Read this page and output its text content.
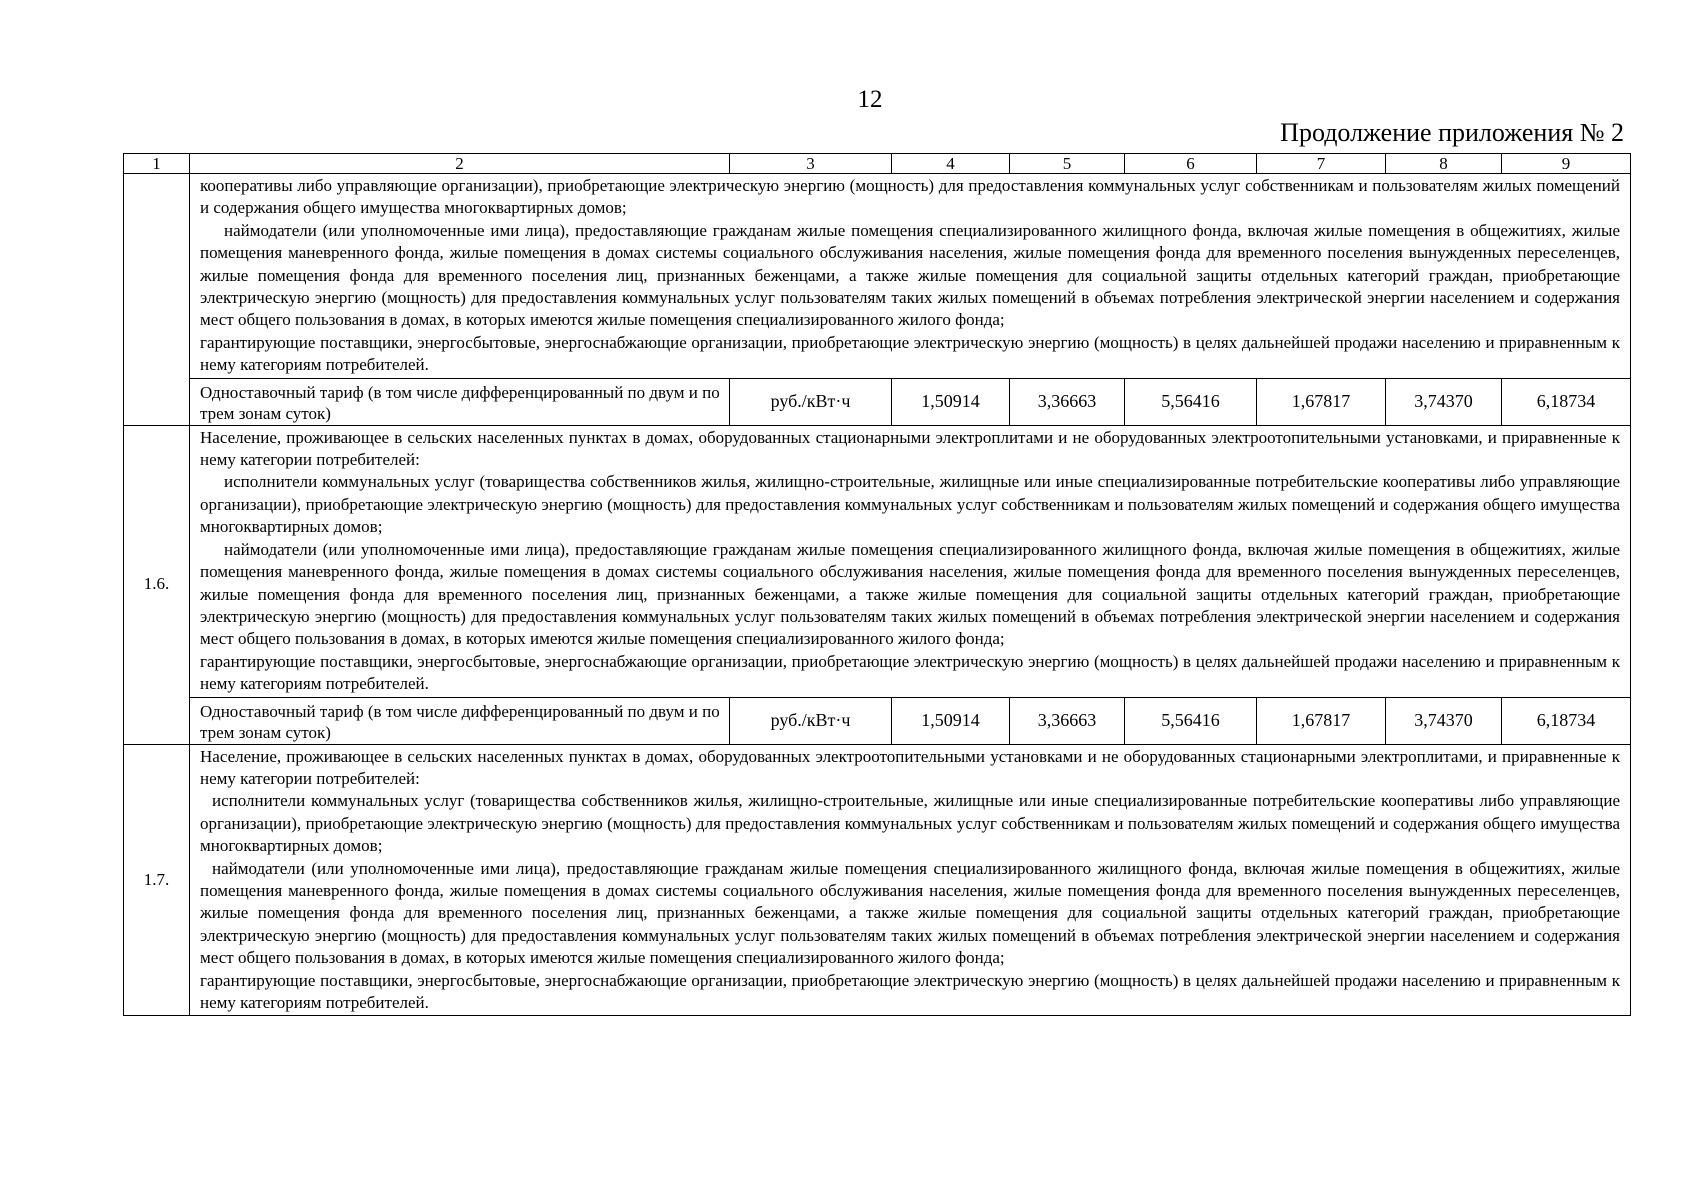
12
Продолжение приложения № 2
1	2	3	4	5	6	7	8	9

	кооперативы либо управляющие организации), приобретающие электрическую энергию (мощность) для предоставления коммунальных услуг собственникам и пользователям жилых помещений и содержания общего имущества многоквартирных домов;

наймодатели (или уполномоченные ими лица), предоставляющие гражданам жилые помещения специализированного жилищного фонда, включая жилые помещения в общежитиях, жилые помещения маневренного фонда, жилые помещения в домах системы социального обслуживания населения, жилые помещения фонда для временного поселения вынужденных переселенцев, жилые помещения фонда для временного поселения лиц, признанных беженцами, а также жилые помещения для социальной защиты отдельных категорий граждан, приобретающие электрическую энергию (мощность) для предоставления коммунальных услуг пользователям таких жилых помещений в объемах потребления электрической энергии населением и содержания мест общего пользования в домах, в которых имеются жилые помещения специализированного жилого фонда;

гарантирующие поставщики, энергосбытовые, энергоснабжающие организации, приобретающие электрическую энергию (мощность) в целях дальнейшей продажи населению и приравненным к нему категориям потребителей.							

	Одноставочный тариф (в том числе дифференцированный по двум и по трем зонам суток)	руб./кВт·ч	1,50914	3,36663	5,56416	1,67817	3,74370	6,18734
1.6.	Население, проживающее в сельских населенных пунктах в домах, оборудованных стационарными электроплитами и не оборудованных электроотопительными установками, и приравненные к нему категории потребителей:

исполнители коммунальных услуг (товарищества собственников жилья, жилищно-строительные, жилищные или иные специализированные потребительские кооперативы либо управляющие организации), приобретающие электрическую энергию (мощность) для предоставления коммунальных услуг собственникам и пользователям жилых помещений и содержания общего имущества многоквартирных домов;

наймодатели (или уполномоченные ими лица), предоставляющие гражданам жилые помещения специализированного жилищного фонда, включая жилые помещения в общежитиях, жилые помещения маневренного фонда, жилые помещения в домах системы социального обслуживания населения, жилые помещения фонда для временного поселения вынужденных переселенцев, жилые помещения фонда для временного поселения лиц, признанных беженцами, а также жилые помещения для социальной защиты отдельных категорий граждан, приобретающие электрическую энергию (мощность) для предоставления коммунальных услуг пользователям таких жилых помещений в объемах потребления электрической энергии населением и содержания мест общего пользования в домах, в которых имеются жилые помещения специализированного жилого фонда;

гарантирующие поставщики, энергосбытовые, энергоснабжающие организации, приобретающие электрическую энергию (мощность) в целях дальнейшей продажи населению и приравненным к нему категориям потребителей.							

	Одноставочный тариф (в том числе дифференцированный по двум и по трем зонам суток)	руб./кВт·ч	1,50914	3,36663	5,56416	1,67817	3,74370	6,18734
1.7.	Население, проживающее в сельских населенных пунктах в домах, оборудованных электроотопительными установками и не оборудованных стационарными электроплитами, и приравненные к нему категории потребителей:

исполнители коммунальных услуг (товарищества собственников жилья, жилищно-строительные, жилищные или иные специализированные потребительские кооперативы либо управляющие организации), приобретающие электрическую энергию (мощность) для предоставления коммунальных услуг собственникам и пользователям жилых помещений и содержания общего имущества многоквартирных домов;

наймодатели (или уполномоченные ими лица), предоставляющие гражданам жилые помещения специализированного жилищного фонда, включая жилые помещения в общежитиях, жилые помещения маневренного фонда, жилые помещения в домах системы социального обслуживания населения, жилые помещения фонда для временного поселения вынужденных переселенцев, жилые помещения фонда для временного поселения лиц, признанных беженцами, а также жилые помещения для социальной защиты отдельных категорий граждан, приобретающие электрическую энергию (мощность) для предоставления коммунальных услуг пользователям таких жилых помещений в объемах потребления электрической энергии населением и содержания мест общего пользования в домах, в которых имеются жилые помещения специализированного жилого фонда;

гарантирующие поставщики, энергосбытовые, энергоснабжающие организации, приобретающие электрическую энергию (мощность) в целях дальнейшей продажи населению и приравненным к нему категориям потребителей.							
